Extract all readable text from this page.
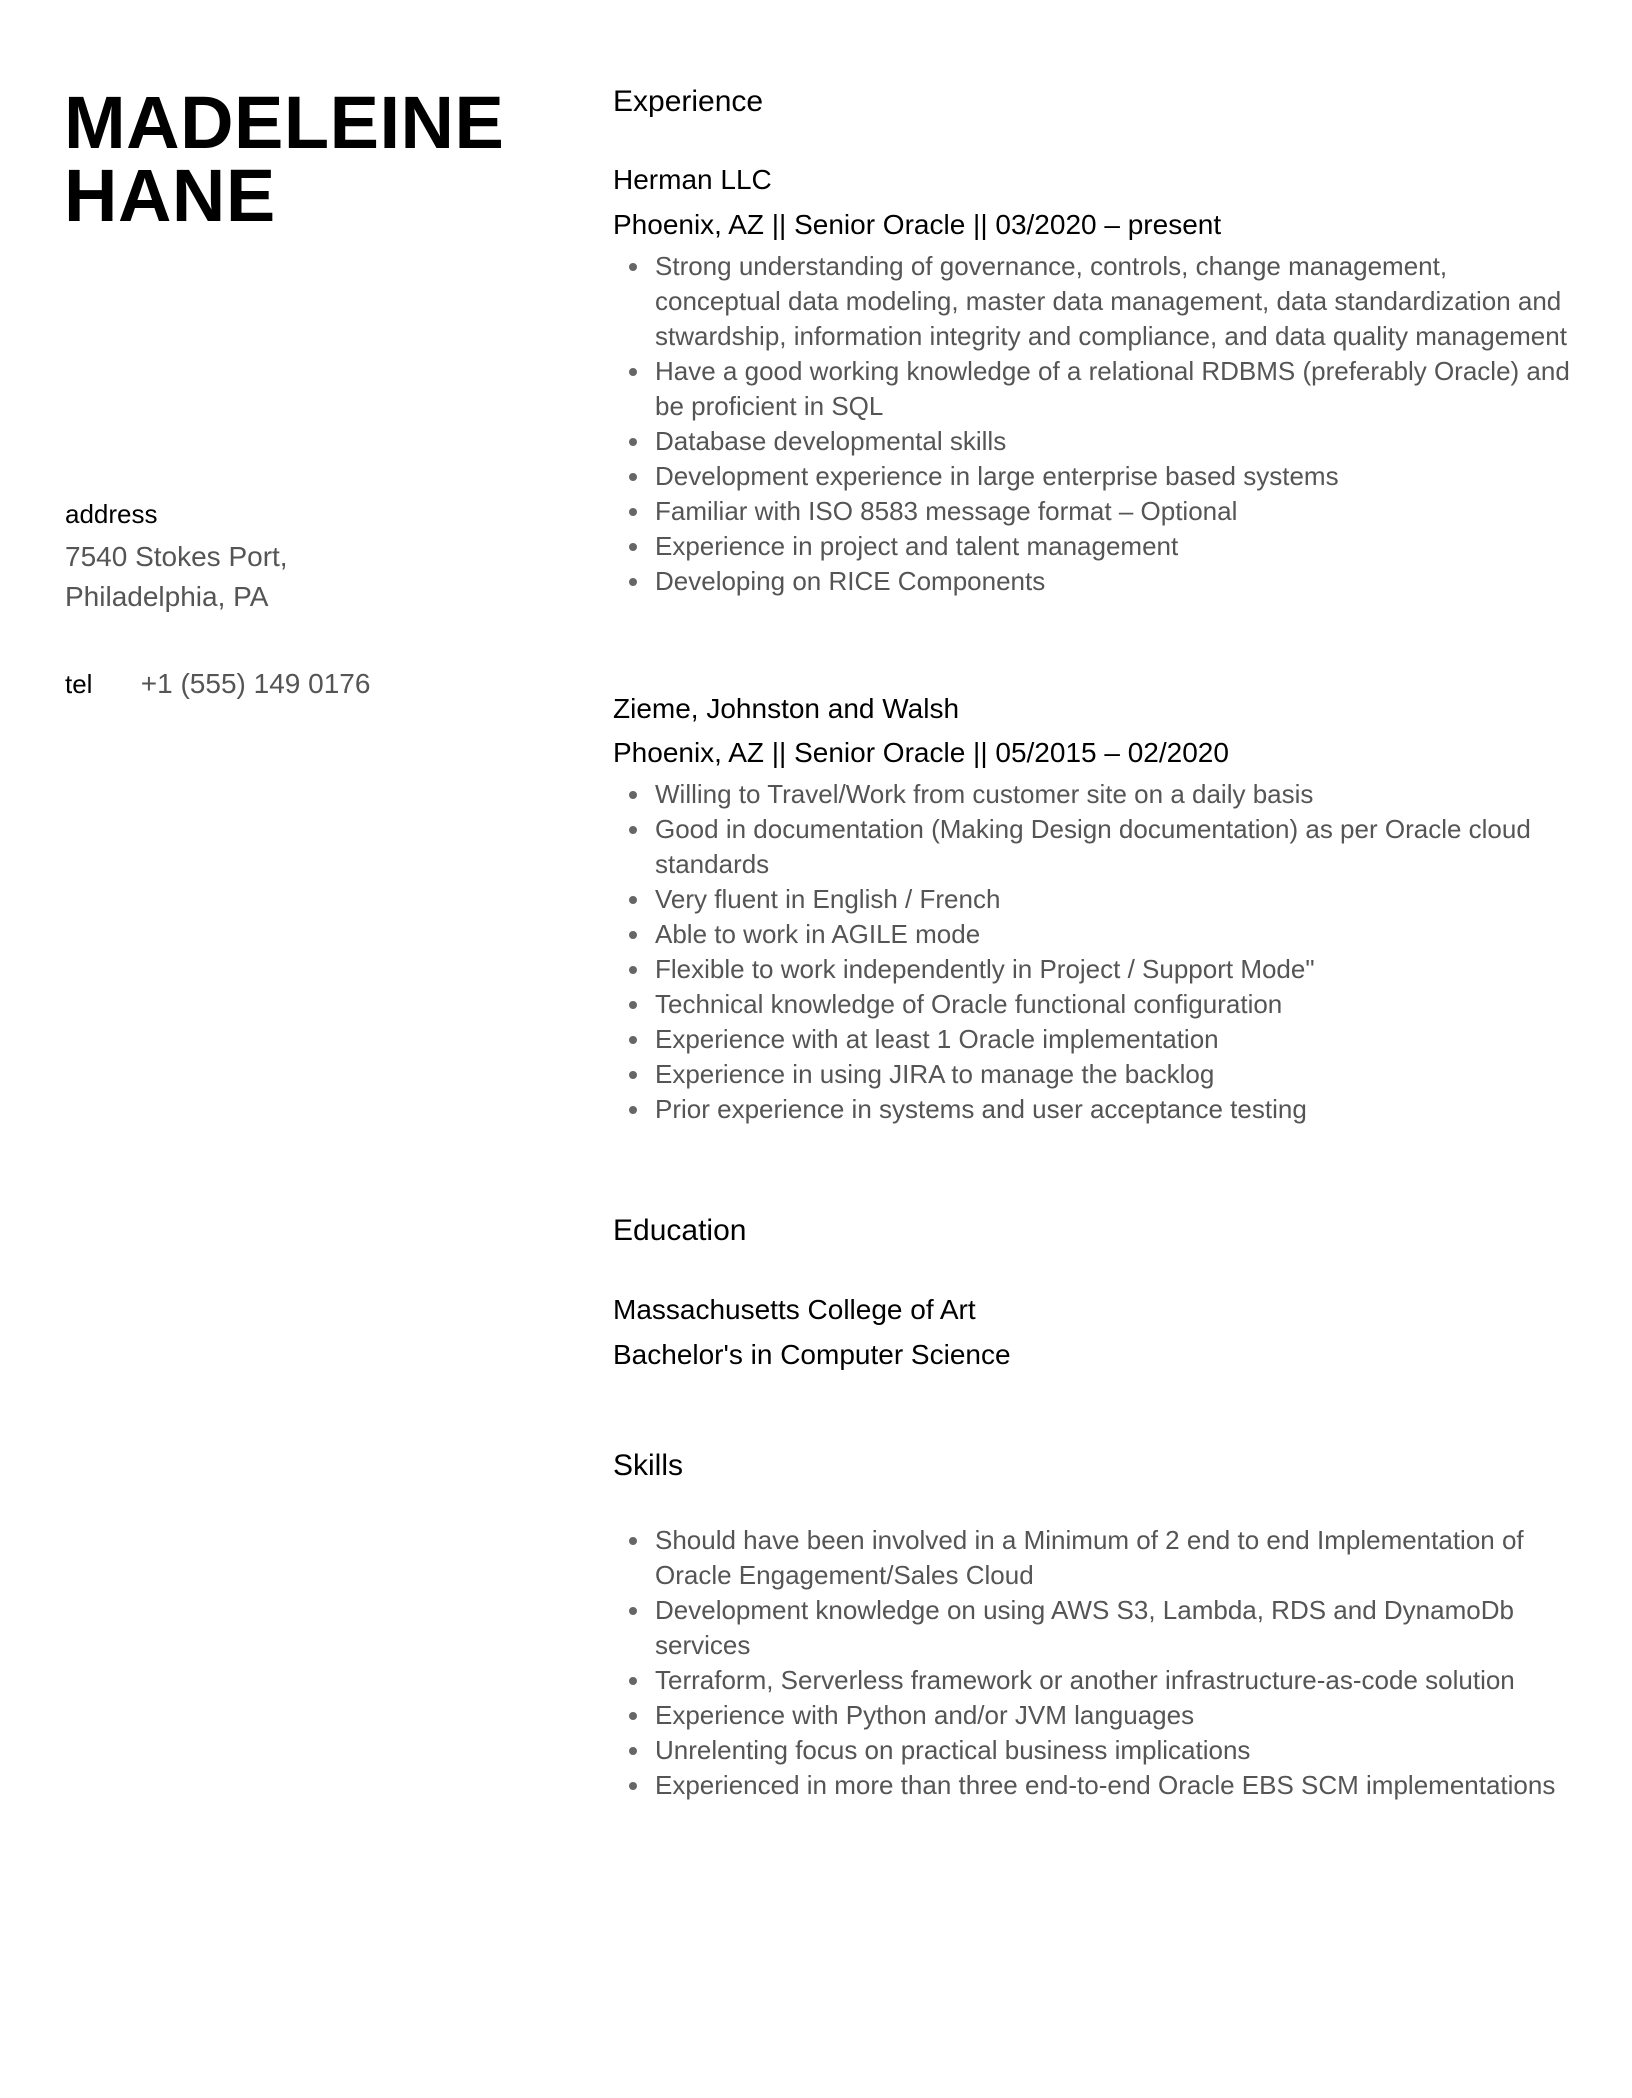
MADELEINE
HANE
address
7540 Stokes Port,
Philadelphia, PA
tel +1 (555) 149 0176
Experience
Herman LLC
Phoenix, AZ || Senior Oracle || 03/2020 – present
Strong understanding of governance, controls, change management, conceptual data modeling, master data management, data standardization and stwardship, information integrity and compliance, and data quality management
Have a good working knowledge of a relational RDBMS (preferably Oracle) and be proficient in SQL
Database developmental skills
Development experience in large enterprise based systems
Familiar with ISO 8583 message format – Optional
Experience in project and talent management
Developing on RICE Components
Zieme, Johnston and Walsh
Phoenix, AZ || Senior Oracle || 05/2015 – 02/2020
Willing to Travel/Work from customer site on a daily basis
Good in documentation (Making Design documentation) as per Oracle cloud standards
Very fluent in English / French
Able to work in AGILE mode
Flexible to work independently in Project / Support Mode"
Technical knowledge of Oracle functional configuration
Experience with at least 1 Oracle implementation
Experience in using JIRA to manage the backlog
Prior experience in systems and user acceptance testing
Education
Massachusetts College of Art
Bachelor's in Computer Science
Skills
Should have been involved in a Minimum of 2 end to end Implementation of Oracle Engagement/Sales Cloud
Development knowledge on using AWS S3, Lambda, RDS and DynamoDb services
Terraform, Serverless framework or another infrastructure-as-code solution
Experience with Python and/or JVM languages
Unrelenting focus on practical business implications
Experienced in more than three end-to-end Oracle EBS SCM implementations
